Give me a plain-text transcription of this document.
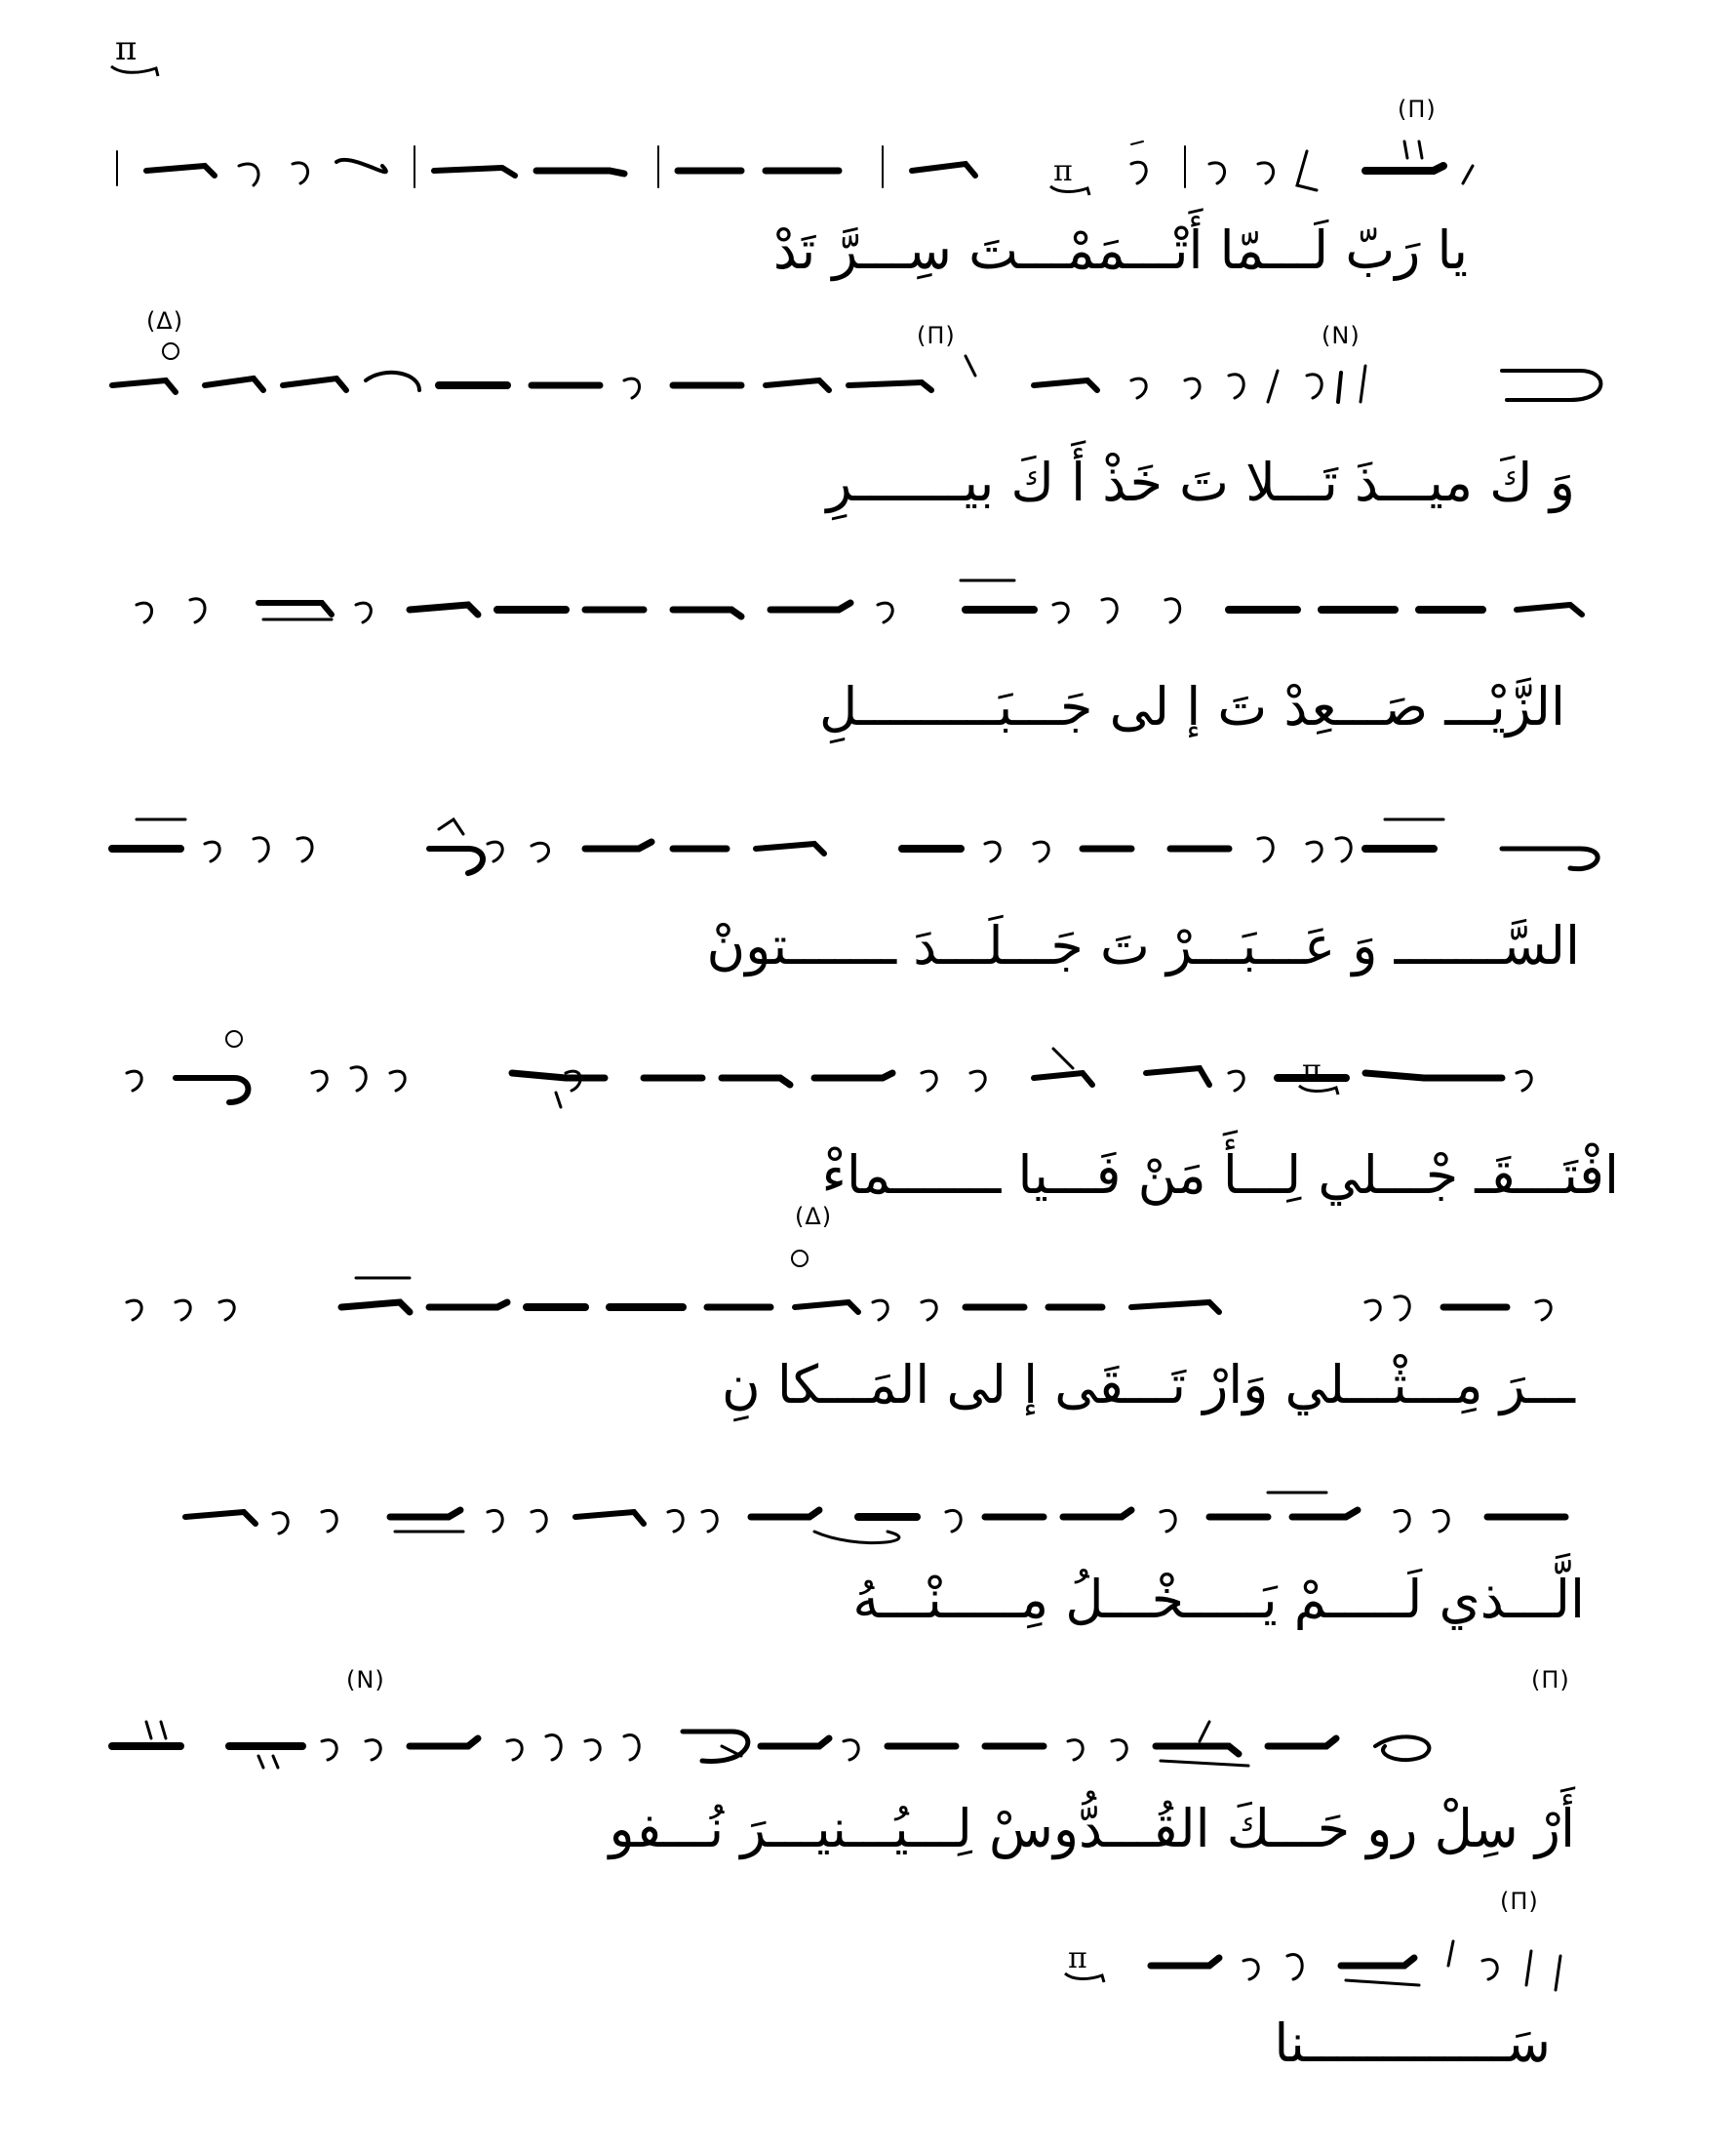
π
π
(Π)
يا رَبّ لَـــمّا أَتْـــمَمْـــتَ سِـــرَّ تَدْ
(Δ)
(Π)	(N)
وَ كَ ميـــذَ تَـــلا تَ خَذْ أَ كَ بيـــــــرِ
الزَّيْـــ صَـــعِدْ تَ إ لى جَـــبَـــــــــلِ
السَّـــــــ وَ عَـــبَـــرْ تَ جَـــلَـــدَ ـــــــتونْ
π
افْتَـــقَـ جْـــلي لِـــأَ مَنْ فَـــيا ـــــــماءْ
(Δ)
ـــرَ مِـــثْـــلي وَارْ تَـــقَى إ لى المَـــكا نِ
الَّـــذي لَـــــمْ يَـــــخْـــلُ مِـــــنْـــهُ
(Π)
(N)
أَرْ سِلْ رو حَـــكَ القُـــدُّوسْ لِـــيُـــنيـــرَ نُـــفو
(Π)
π
سَـــــــــــــنا
